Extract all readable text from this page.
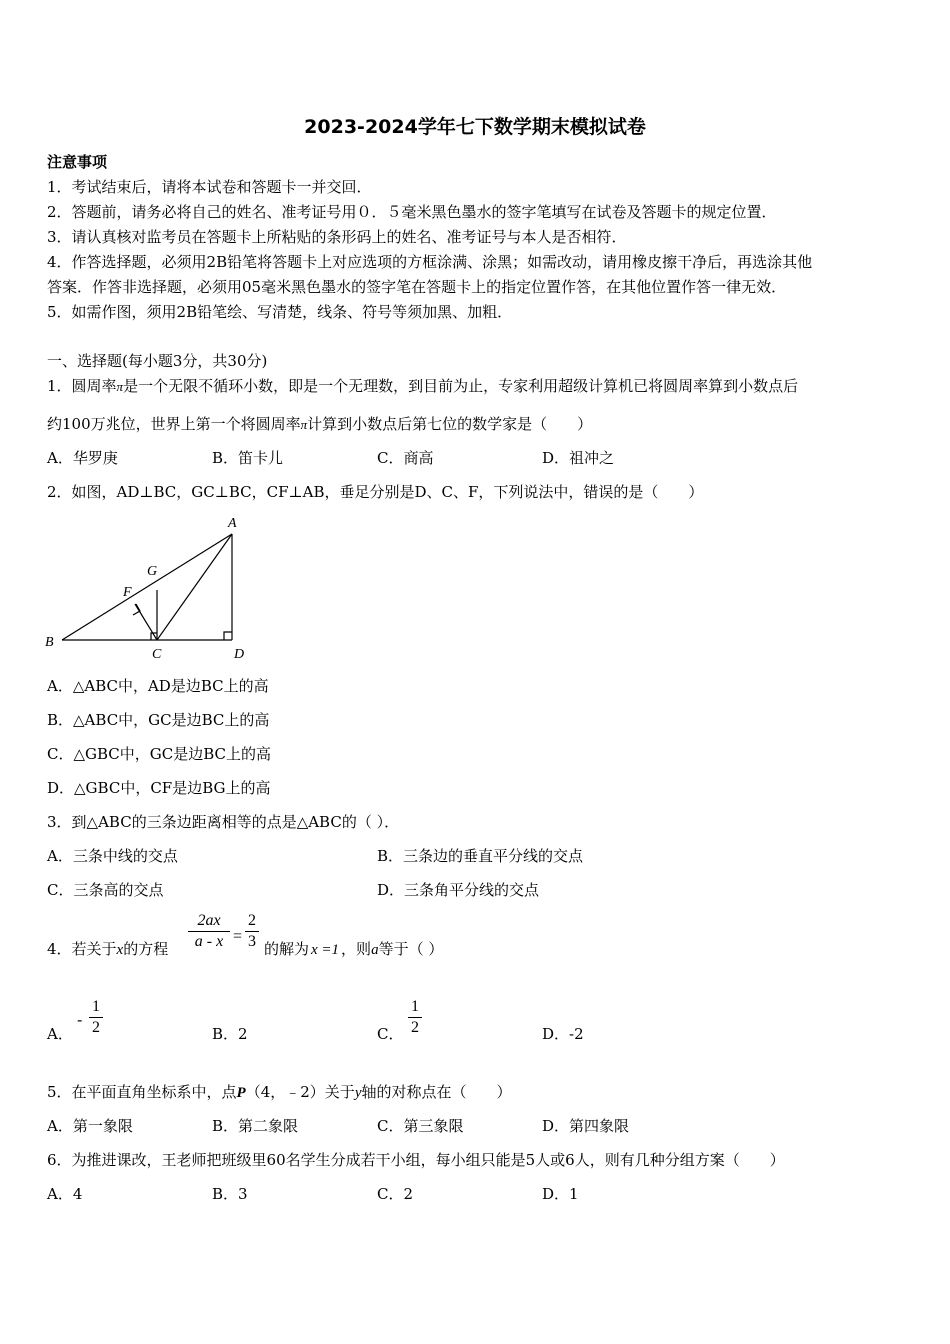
2023-2024学年七下数学期末模拟试卷
注意事项
1．考试结束后，请将本试卷和答题卡一并交回．
2．答题前，请务必将自己的姓名、准考证号用０．５毫米黑色墨水的签字笔填写在试卷及答题卡的规定位置．
3．请认真核对监考员在答题卡上所粘贴的条形码上的姓名、准考证号与本人是否相符．
4．作答选择题，必须用2B铅笔将答题卡上对应选项的方框涂满、涂黑；如需改动，请用橡皮擦干净后，再选涂其他
答案．作答非选择题，必须用05毫米黑色墨水的签字笔在答题卡上的指定位置作答，在其他位置作答一律无效．
5．如需作图，须用2B铅笔绘、写清楚，线条、符号等须加黑、加粗．
一、选择题(每小题3分，共30分)
1．圆周率π是一个无限不循环小数，即是一个无理数，到目前为止，专家利用超级计算机已将圆周率算到小数点后
约100万兆位，世界上第一个将圆周率π计算到小数点后第七位的数学家是（　　）
A．华罗庚	B．笛卡儿	C．商高	D．祖冲之
2．如图，AD⊥BC，GC⊥BC，CF⊥AB，垂足分别是D、C、F，下列说法中，错误的是（　　）
A
G
F
B
C	D
A．△ABC中，AD是边BC上的高
B．△ABC中，GC是边BC上的高
C．△GBC中，GC是边BC上的高
D．△GBC中，CF是边BG上的高
3．到△ABC的三条边距离相等的点是△ABC的（ ）．
A．三条中线的交点	B．三条边的垂直平分线的交点
C．三条高的交点	D．三条角平分线的交点
4．若关于x的方程
2ax
a - x =
2
3 的解为 x =1 ，则a等于（ ）
A．
-
1
2	B．2	C．
1
2	D．-2
5．在平面直角坐标系中，点P（4，﹣2）关于y轴的对称点在（　　）
A．第一象限	B．第二象限	C．第三象限	D．第四象限
6．为推进课改，王老师把班级里60名学生分成若干小组，每小组只能是5人或6人，则有几种分组方案（　　）
A．4	B．3	C．2	D．1
